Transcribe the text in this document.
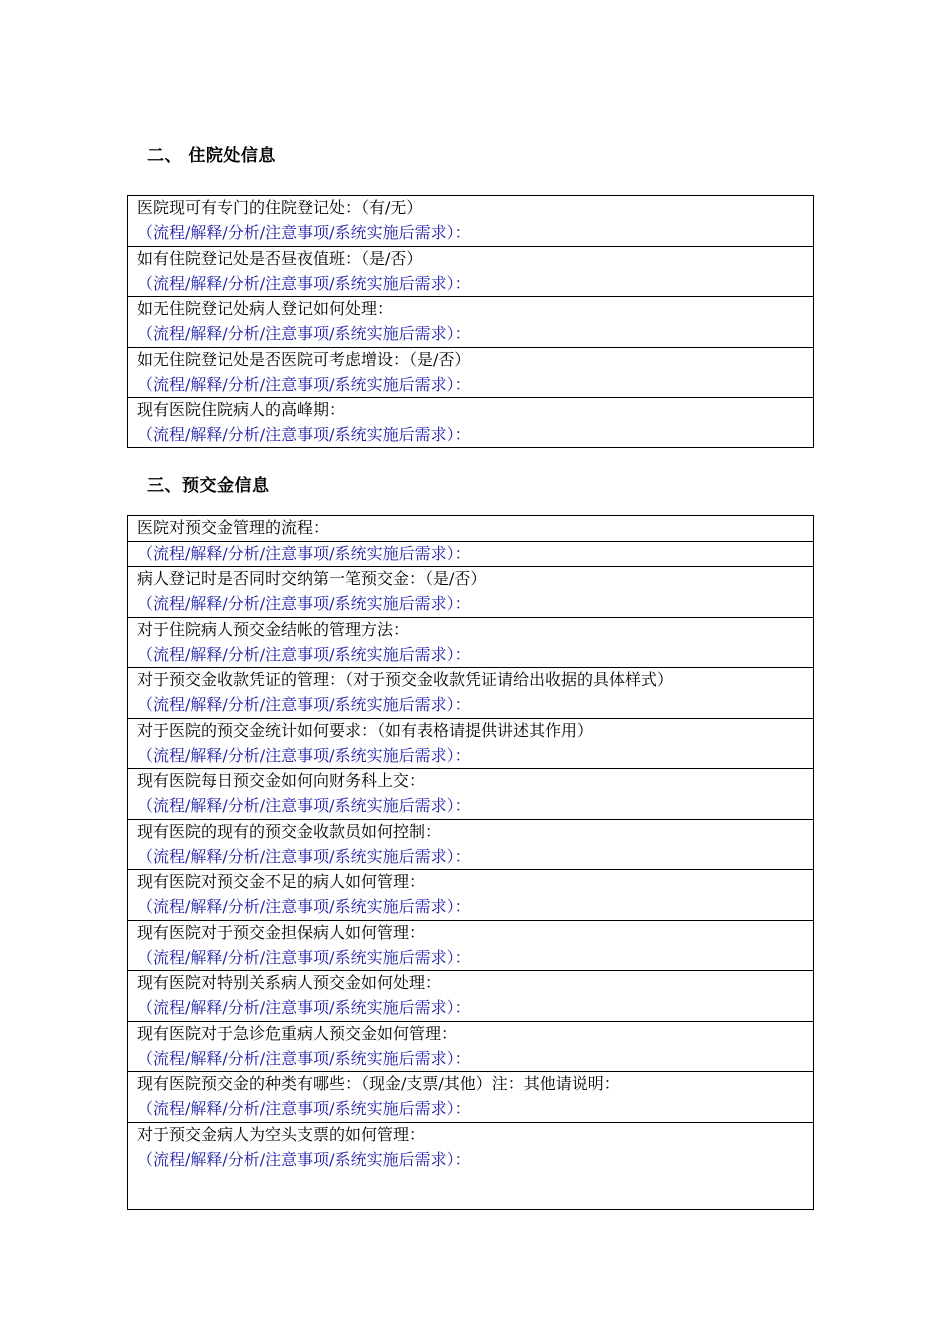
二、 住院处信息
医院现可有专门的住院登记处：（有/无）
（流程/解释/分析/注意事项/系统实施后需求）：
如有住院登记处是否昼夜值班：（是/否）
（流程/解释/分析/注意事项/系统实施后需求）：
如无住院登记处病人登记如何处理：
（流程/解释/分析/注意事项/系统实施后需求）：
如无住院登记处是否医院可考虑增设：（是/否）
（流程/解释/分析/注意事项/系统实施后需求）：
现有医院住院病人的高峰期：
（流程/解释/分析/注意事项/系统实施后需求）：
三、预交金信息
医院对预交金管理的流程：
（流程/解释/分析/注意事项/系统实施后需求）：
病人登记时是否同时交纳第一笔预交金：（是/否）
（流程/解释/分析/注意事项/系统实施后需求）：
对于住院病人预交金结帐的管理方法：
（流程/解释/分析/注意事项/系统实施后需求）：
对于预交金收款凭证的管理：（对于预交金收款凭证请给出收据的具体样式）
（流程/解释/分析/注意事项/系统实施后需求）：
对于医院的预交金统计如何要求：（如有表格请提供讲述其作用）
（流程/解释/分析/注意事项/系统实施后需求）：
现有医院每日预交金如何向财务科上交：
（流程/解释/分析/注意事项/系统实施后需求）：
现有医院的现有的预交金收款员如何控制：
（流程/解释/分析/注意事项/系统实施后需求）：
现有医院对预交金不足的病人如何管理：
（流程/解释/分析/注意事项/系统实施后需求）：
现有医院对于预交金担保病人如何管理：
（流程/解释/分析/注意事项/系统实施后需求）：
现有医院对特别关系病人预交金如何处理：
（流程/解释/分析/注意事项/系统实施后需求）：
现有医院对于急诊危重病人预交金如何管理：
（流程/解释/分析/注意事项/系统实施后需求）：
现有医院预交金的种类有哪些：（现金/支票/其他）注：其他请说明：
（流程/解释/分析/注意事项/系统实施后需求）：
对于预交金病人为空头支票的如何管理：
（流程/解释/分析/注意事项/系统实施后需求）：
